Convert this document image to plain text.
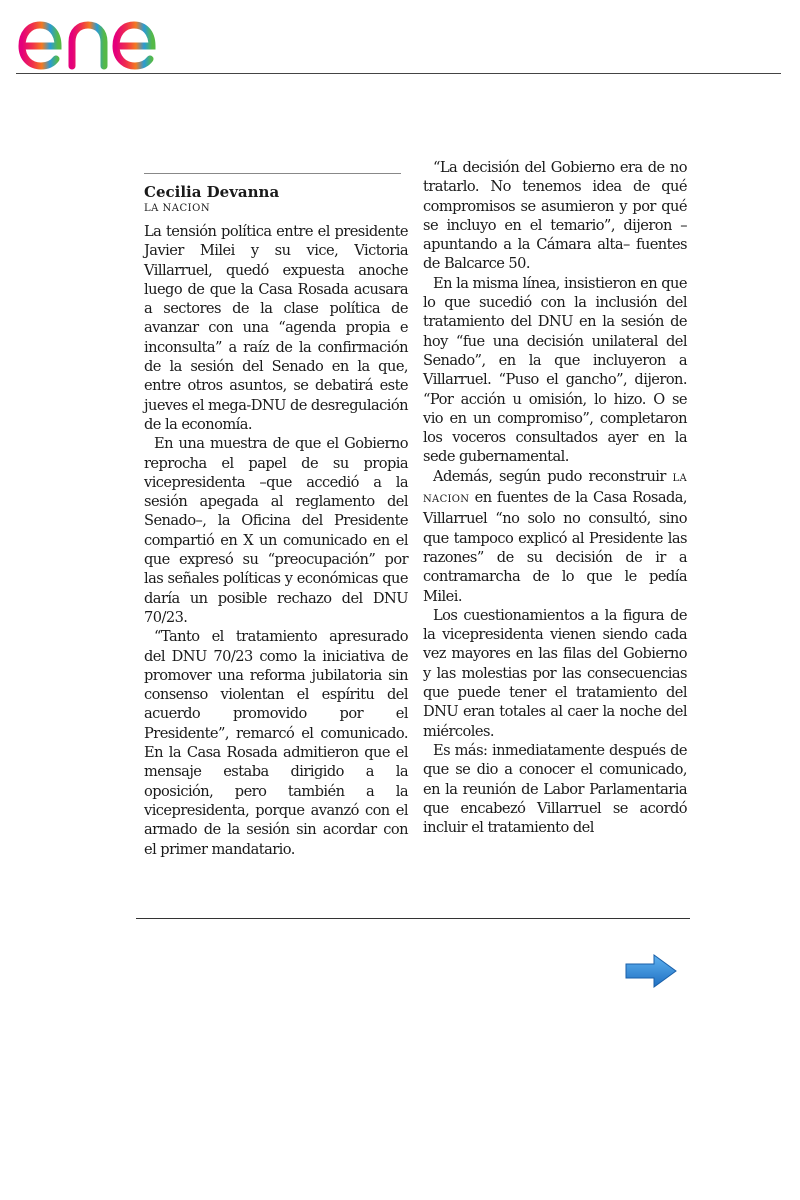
Cecilia Devanna
LA NACION

La tensión política entre el presidente Javier Milei y su vice, Victoria Villarruel, quedó expuesta anoche luego de que la Casa Rosada acusara a sectores de la clase política de avanzar con una “agenda propia e inconsulta” a raíz de la confirmación de la sesión del Senado en la que, entre otros asuntos, se debatirá este jueves el mega-DNU de desregulación de la economía.

En una muestra de que el Gobierno reprocha el papel de su propia vicepresidenta –que accedió a la sesión apegada al reglamento del Senado–, la Oficina del Presidente compartió en X un comunicado en el que expresó su “preocupación” por las señales políticas y económicas que daría un posible rechazo del DNU 70/23.

“Tanto el tratamiento apresurado del DNU 70/23 como la iniciativa de promover una reforma jubilatoria sin consenso violentan el espíritu del acuerdo promovido por el Presidente”, remarcó el comunicado. En la Casa Rosada admitieron que el mensaje estaba dirigido a la oposición, pero también a la vicepresidenta, porque avanzó con el armado de la sesión sin acordar con el primer mandatario.

“La decisión del Gobierno era de no tratarlo. No tenemos idea de qué compromisos se asumieron y por qué se incluyo en el temario”, dijeron –apuntando a la Cámara alta– fuentes de Balcarce 50.

En la misma línea, insistieron en que lo que sucedió con la inclusión del tratamiento del DNU en la sesión de hoy “fue una decisión unilateral del Senado”, en la que incluyeron a Villarruel. “Puso el gancho”, dijeron. “Por acción u omisión, lo hizo. O se vio en un compromiso”, completaron los voceros consultados ayer en la sede gubernamental.

Además, según pudo reconstruir LA NACION en fuentes de la Casa Rosada, Villarruel “no solo no consultó, sino que tampoco explicó al Presidente las razones” de su decisión de ir a contramarcha de lo que le pedía Milei.

Los cuestionamientos a la figura de la vicepresidenta vienen siendo cada vez mayores en las filas del Gobierno y las molestias por las consecuencias que puede tener el tratamiento del DNU eran totales al caer la noche del miércoles.

Es más: inmediatamente después de que se dio a conocer el comunicado, en la reunión de Labor Parlamentaria que encabezó Villarruel se acordó incluir el tratamiento del
